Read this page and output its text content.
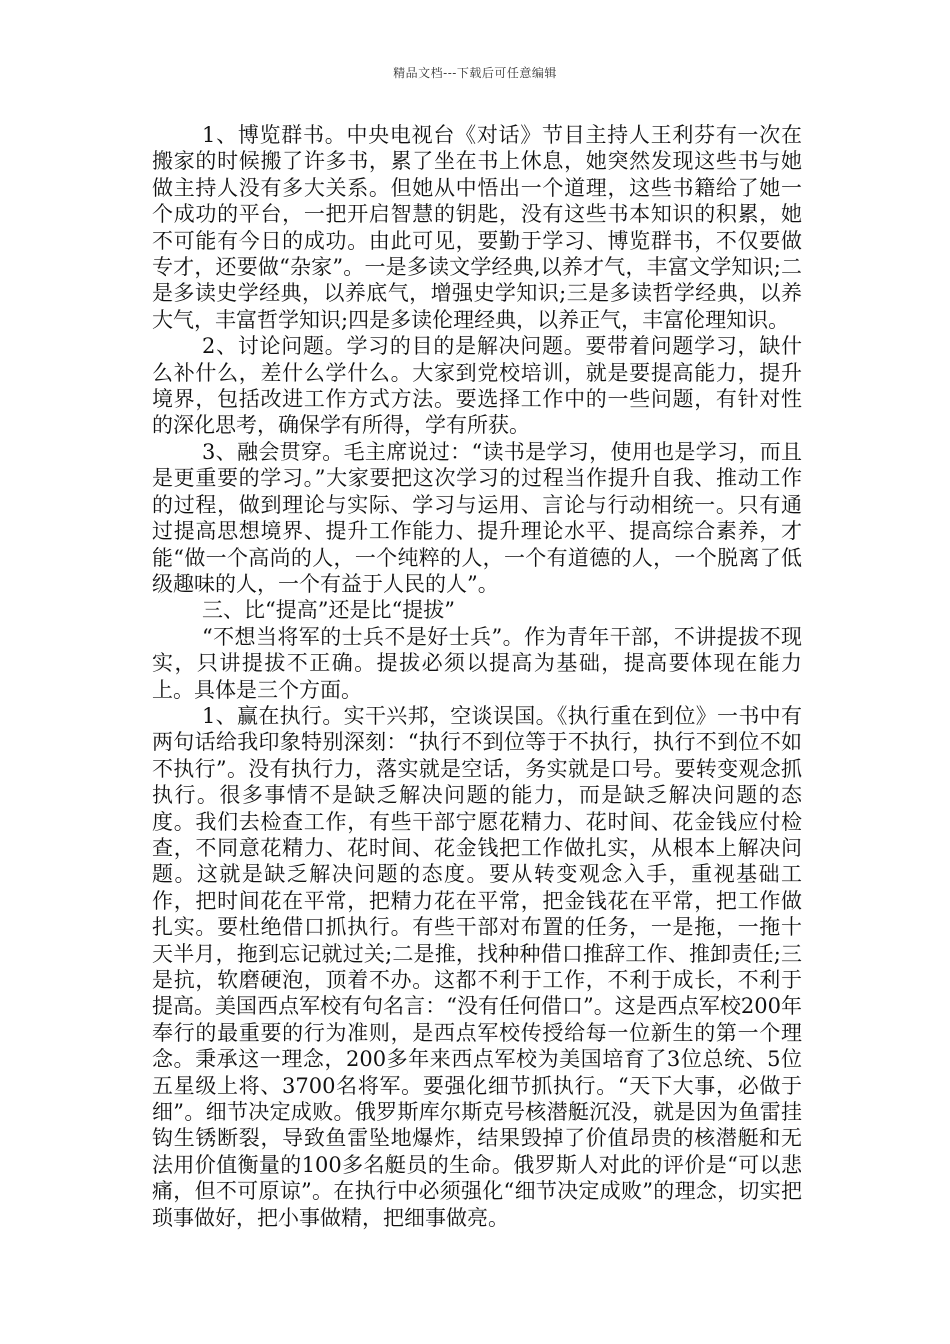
精品文档---下载后可任意编辑

1、博览群书。中央电视台《对话》节目主持人王利芬有一次在搬家的时候搬了许多书，累了坐在书上休息，她突然发现这些书与她做主持人没有多大关系。但她从中悟出一个道理，这些书籍给了她一个成功的平台，一把开启智慧的钥匙，没有这些书本知识的积累，她不可能有今日的成功。由此可见，要勤于学习、博览群书，不仅要做专才，还要做“杂家”。一是多读文学经典,以养才气，丰富文学知识;二是多读史学经典，以养底气，增强史学知识;三是多读哲学经典，以养大气，丰富哲学知识;四是多读伦理经典，以养正气，丰富伦理知识。

2、讨论问题。学习的目的是解决问题。要带着问题学习，缺什么补什么，差什么学什么。大家到党校培训，就是要提高能力，提升境界，包括改进工作方式方法。要选择工作中的一些问题，有针对性的深化思考，确保学有所得，学有所获。

3、融会贯穿。毛主席说过：“读书是学习，使用也是学习，而且是更重要的学习。”大家要把这次学习的过程当作提升自我、推动工作的过程，做到理论与实际、学习与运用、言论与行动相统一。只有通过提高思想境界、提升工作能力、提升理论水平、提高综合素养，才能“做一个高尚的人，一个纯粹的人，一个有道德的人，一个脱离了低级趣味的人，一个有益于人民的人”。

三、比“提高”还是比“提拔”

“不想当将军的士兵不是好士兵”。作为青年干部，不讲提拔不现实，只讲提拔不正确。提拔必须以提高为基础，提高要体现在能力上。具体是三个方面。

1、赢在执行。实干兴邦，空谈误国。《执行重在到位》一书中有两句话给我印象特别深刻：“执行不到位等于不执行，执行不到位不如不执行”。没有执行力，落实就是空话，务实就是口号。要转变观念抓执行。很多事情不是缺乏解决问题的能力，而是缺乏解决问题的态度。我们去检查工作，有些干部宁愿花精力、花时间、花金钱应付检查，不同意花精力、花时间、花金钱把工作做扎实，从根本上解决问题。这就是缺乏解决问题的态度。要从转变观念入手，重视基础工作，把时间花在平常，把精力花在平常，把金钱花在平常，把工作做扎实。要杜绝借口抓执行。有些干部对布置的任务，一是拖，一拖十天半月，拖到忘记就过关;二是推，找种种借口推辞工作、推卸责任;三是抗，软磨硬泡，顶着不办。这都不利于工作，不利于成长，不利于提高。美国西点军校有句名言：“没有任何借口”。这是西点军校200年奉行的最重要的行为准则，是西点军校传授给每一位新生的第一个理念。秉承这一理念，200多年来西点军校为美国培育了3位总统、5位五星级上将、3700名将军。要强化细节抓执行。“天下大事，必做于细”。细节决定成败。俄罗斯库尔斯克号核潜艇沉没，就是因为鱼雷挂钩生锈断裂，导致鱼雷坠地爆炸，结果毁掉了价值昂贵的核潜艇和无法用价值衡量的100多名艇员的生命。俄罗斯人对此的评价是“可以悲痛，但不可原谅”。在执行中必须强化“细节决定成败”的理念，切实把琐事做好，把小事做精，把细事做亮。
